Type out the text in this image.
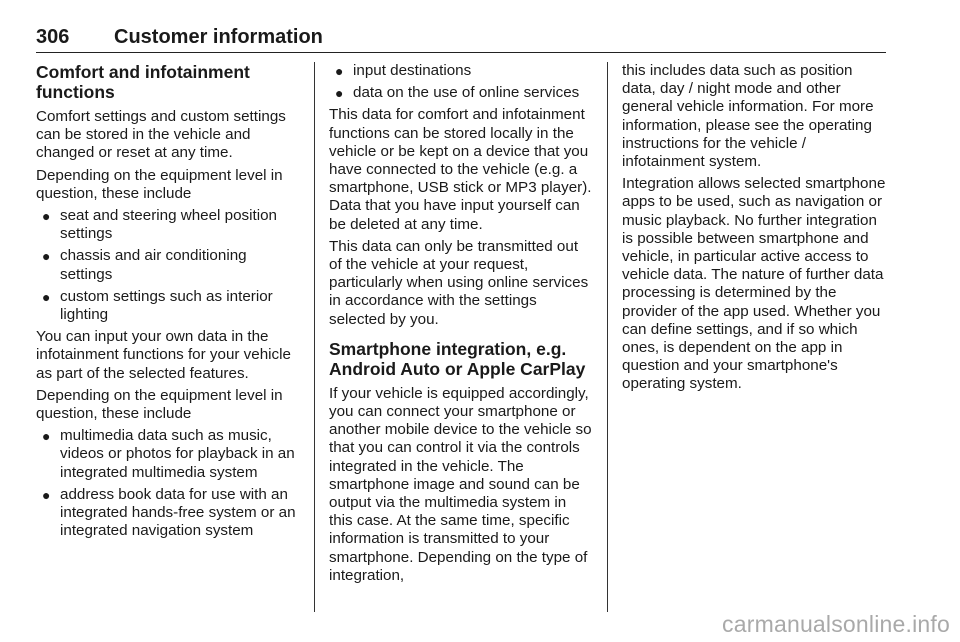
306 Customer information
Comfort and infotainment functions

Comfort settings and custom settings can be stored in the vehicle and changed or reset at any time.

Depending on the equipment level in question, these include

● seat and steering wheel position settings
● chassis and air conditioning settings
● custom settings such as interior lighting

You can input your own data in the infotainment functions for your vehicle as part of the selected features.

Depending on the equipment level in question, these include

● multimedia data such as music, videos or photos for playback in an integrated multimedia system
● address book data for use with an integrated hands-free system or an integrated navigation system
● input destinations
● data on the use of online services

This data for comfort and infotainment functions can be stored locally in the vehicle or be kept on a device that you have connected to the vehicle (e.g. a smartphone, USB stick or MP3 player). Data that you have input yourself can be deleted at any time.

This data can only be transmitted out of the vehicle at your request, particularly when using online services in accordance with the settings selected by you.

Smartphone integration, e.g. Android Auto or Apple CarPlay

If your vehicle is equipped accordingly, you can connect your smartphone or another mobile device to the vehicle so that you can control it via the controls integrated in the vehicle. The smartphone image and sound can be output via the multimedia system in this case. At the same time, specific information is transmitted to your smartphone. Depending on the type of integration,

this includes data such as position data, day / night mode and other general vehicle information. For more information, please see the operating instructions for the vehicle / infotainment system.

Integration allows selected smartphone apps to be used, such as navigation or music playback. No further integration is possible between smartphone and vehicle, in particular active access to vehicle data. The nature of further data processing is determined by the provider of the app used. Whether you can define settings, and if so which ones, is dependent on the app in question and your smartphone's operating system.

carmanualsonline.info
